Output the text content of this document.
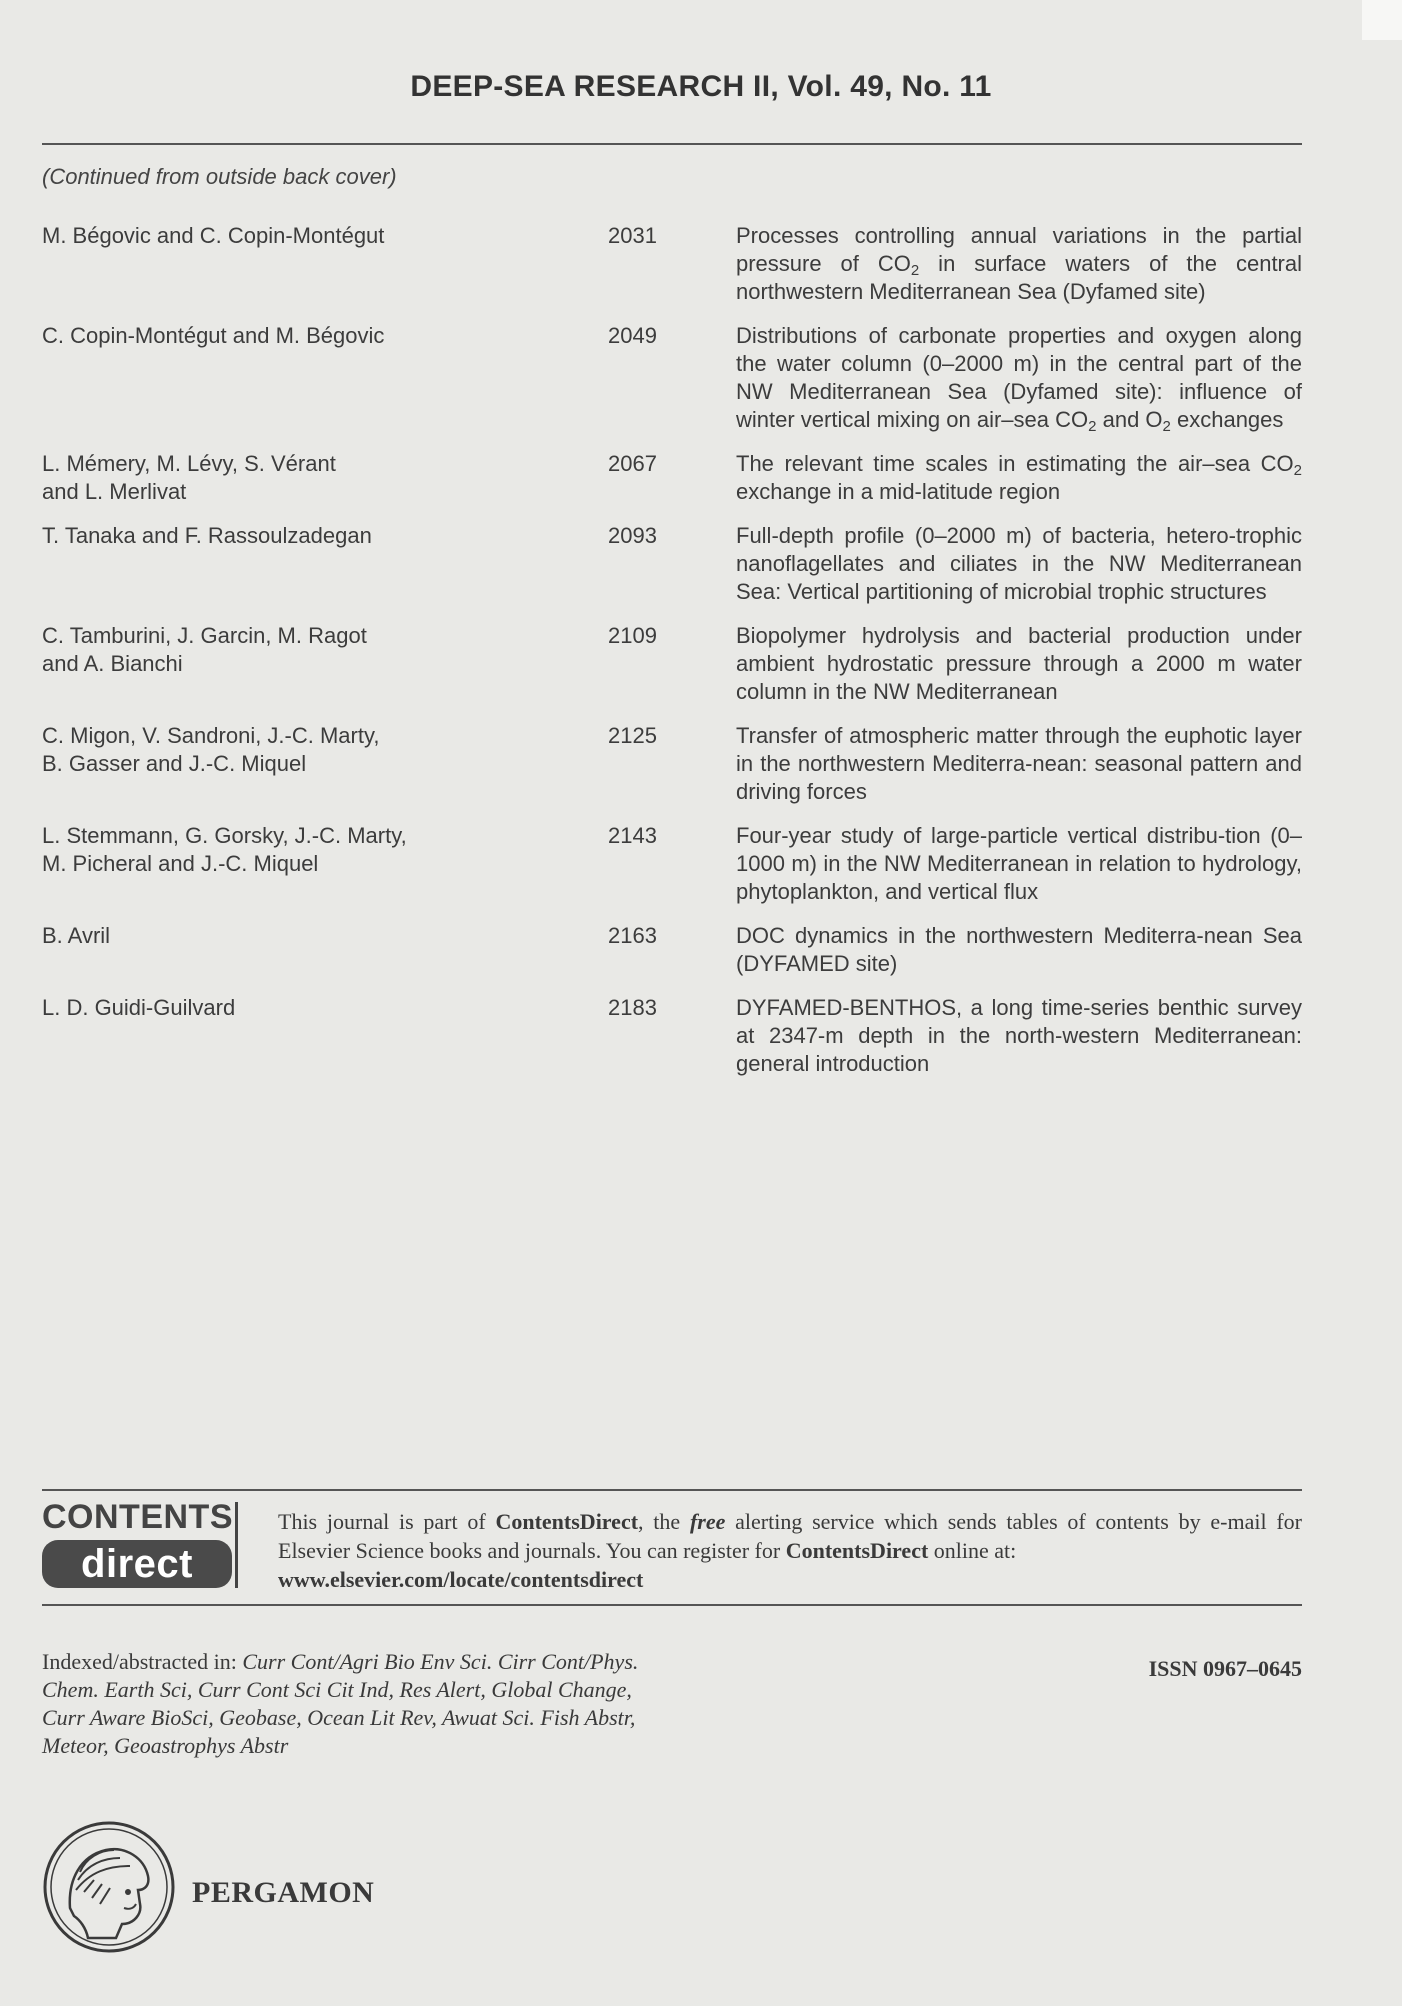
DEEP-SEA RESEARCH II, Vol. 49, No. 11
(Continued from outside back cover)
M. Bégovic and C. Copin-Montégut	2031	Processes controlling annual variations in the partial pressure of $CO_2$ in surface waters of the central northwestern Mediterranean Sea (Dyfamed site)
C. Copin-Montégut and M. Bégovic	2049	Distributions of carbonate properties and oxygen along the water column (0–2000 m) in the central part of the NW Mediterranean Sea (Dyfamed site): influence of winter vertical mixing on air–sea $CO_2$ and $O_2$ exchanges
L. Mémery, M. Lévy, S. Vérant
and L. Merlivat
2067	The relevant time scales in estimating the air–sea $CO_2$ exchange in a mid-latitude region
T. Tanaka and F. Rassoulzadegan	2093	Full-depth profile (0–2000 m) of bacteria, hetero-trophic nanoflagellates and ciliates in the NW Mediterranean Sea: Vertical partitioning of microbial trophic structures
C. Tamburini, J. Garcin, M. Ragot
and A. Bianchi
2109	Biopolymer hydrolysis and bacterial production under ambient hydrostatic pressure through a 2000 m water column in the NW Mediterranean
C. Migon, V. Sandroni, J.-C. Marty,
B. Gasser and J.-C. Miquel
2125	Transfer of atmospheric matter through the euphotic layer in the northwestern Mediterra-nean: seasonal pattern and driving forces
L. Stemmann, G. Gorsky, J.-C. Marty,
M. Picheral and J.-C. Miquel
2143	Four-year study of large-particle vertical distribu-tion (0–1000 m) in the NW Mediterranean in relation to hydrology, phytoplankton, and vertical flux
B. Avril	2163	DOC dynamics in the northwestern Mediterra-nean Sea (DYFAMED site)
L. D. Guidi-Guilvard	2183	DYFAMED-BENTHOS, a long time-series benthic survey at 2347-m depth in the north-western Mediterranean: general introduction
CONTENTS
direct
This journal is part of ContentsDirect, the free alerting service which sends tables of contents by e-mail for Elsevier Science books and journals. You can register for ContentsDirect online at:
www.elsevier.com/locate/contentsdirect
Indexed/abstracted in: Curr Cont/Agri Bio Env Sci. Cirr Cont/Phys. Chem. Earth Sci, Curr Cont Sci Cit Ind, Res Alert, Global Change, Curr Aware BioSci, Geobase, Ocean Lit Rev, Awuat Sci. Fish Abstr, Meteor, Geoastrophys Abstr
ISSN 0967–0645
PERGAMON
